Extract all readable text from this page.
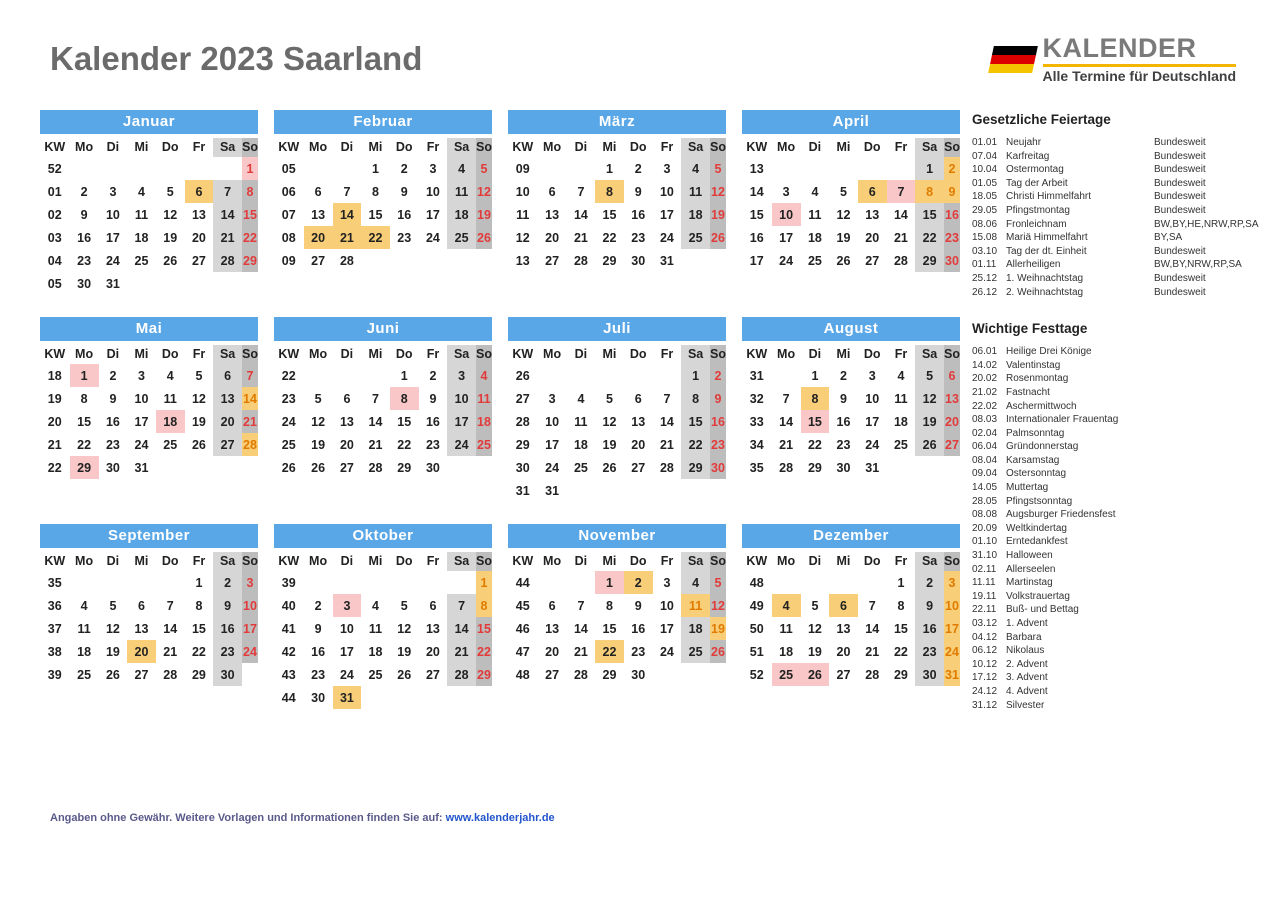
Kalender 2023 Saarland	KALENDER
Alle Termine für Deutschland
Januar
KW	Mo	Di	Mi	Do	Fr	Sa	So
52							1
01	2	3	4	5	6	7	8
02	9	10	11	12	13	14	15
03	16	17	18	19	20	21	22
04	23	24	25	26	27	28	29
05	30	31					
Februar
KW	Mo	Di	Mi	Do	Fr	Sa	So
05			1	2	3	4	5
06	6	7	8	9	10	11	12
07	13	14	15	16	17	18	19
08	20	21	22	23	24	25	26
09	27	28					
März
KW	Mo	Di	Mi	Do	Fr	Sa	So
09			1	2	3	4	5
10	6	7	8	9	10	11	12
11	13	14	15	16	17	18	19
12	20	21	22	23	24	25	26
13	27	28	29	30	31		
April
KW	Mo	Di	Mi	Do	Fr	Sa	So
13						1	2
14	3	4	5	6	7	8	9
15	10	11	12	13	14	15	16
16	17	18	19	20	21	22	23
17	24	25	26	27	28	29	30
Mai
KW	Mo	Di	Mi	Do	Fr	Sa	So
18	1	2	3	4	5	6	7
19	8	9	10	11	12	13	14
20	15	16	17	18	19	20	21
21	22	23	24	25	26	27	28
22	29	30	31				
Juni
KW	Mo	Di	Mi	Do	Fr	Sa	So
22				1	2	3	4
23	5	6	7	8	9	10	11
24	12	13	14	15	16	17	18
25	19	20	21	22	23	24	25
26	26	27	28	29	30		
Juli
KW	Mo	Di	Mi	Do	Fr	Sa	So
26						1	2
27	3	4	5	6	7	8	9
28	10	11	12	13	14	15	16
29	17	18	19	20	21	22	23
30	24	25	26	27	28	29	30
31	31						
August
KW	Mo	Di	Mi	Do	Fr	Sa	So
31		1	2	3	4	5	6
32	7	8	9	10	11	12	13
33	14	15	16	17	18	19	20
34	21	22	23	24	25	26	27
35	28	29	30	31			
September
KW	Mo	Di	Mi	Do	Fr	Sa	So
35					1	2	3
36	4	5	6	7	8	9	10
37	11	12	13	14	15	16	17
38	18	19	20	21	22	23	24
39	25	26	27	28	29	30	
Oktober
KW	Mo	Di	Mi	Do	Fr	Sa	So
39							1
40	2	3	4	5	6	7	8
41	9	10	11	12	13	14	15
42	16	17	18	19	20	21	22
43	23	24	25	26	27	28	29
44	30	31					
November
KW	Mo	Di	Mi	Do	Fr	Sa	So
44			1	2	3	4	5
45	6	7	8	9	10	11	12
46	13	14	15	16	17	18	19
47	20	21	22	23	24	25	26
48	27	28	29	30			
Dezember
KW	Mo	Di	Mi	Do	Fr	Sa	So
48					1	2	3
49	4	5	6	7	8	9	10
50	11	12	13	14	15	16	17
51	18	19	20	21	22	23	24
52	25	26	27	28	29	30	31
Gesetzliche Feiertage
01.01 Neujahr	Bundesweit
07.04 Karfreitag	Bundesweit
10.04 Ostermontag	Bundesweit
01.05 Tag der Arbeit	Bundesweit
18.05 Christi Himmelfahrt	Bundesweit
29.05 Pfingstmontag	Bundesweit
08.06 Fronleichnam	BW,BY,HE,NRW,RP,SA
15.08 Mariä Himmelfahrt	BY,SA
03.10 Tag der dt. Einheit	Bundesweit
01.11 Allerheiligen	BW,BY,NRW,RP,SA
25.12 1. Weihnachtstag	Bundesweit
26.12 2. Weihnachtstag	Bundesweit
Wichtige Festtage
06.01 Heilige Drei Könige
14.02 Valentinstag
20.02 Rosenmontag
21.02 Fastnacht
22.02 Aschermittwoch
08.03 Internationaler Frauentag
02.04 Palmsonntag
06.04 Gründonnerstag
08.04 Karsamstag
09.04 Ostersonntag
14.05 Muttertag
28.05 Pfingstsonntag
08.08 Augsburger Friedensfest
20.09 Weltkindertag
01.10 Erntedankfest
31.10 Halloween
02.11 Allerseelen
11.11	Martinstag
19.11 Volkstrauertag
22.11 Buß- und Bettag
03.12 1. Advent
04.12 Barbara
06.12 Nikolaus
10.12 2. Advent
17.12 3. Advent
24.12 4. Advent
31.12 Silvester
Angaben ohne Gewähr. Weitere Vorlagen und Informationen finden Sie auf: www.kalenderjahr.de
